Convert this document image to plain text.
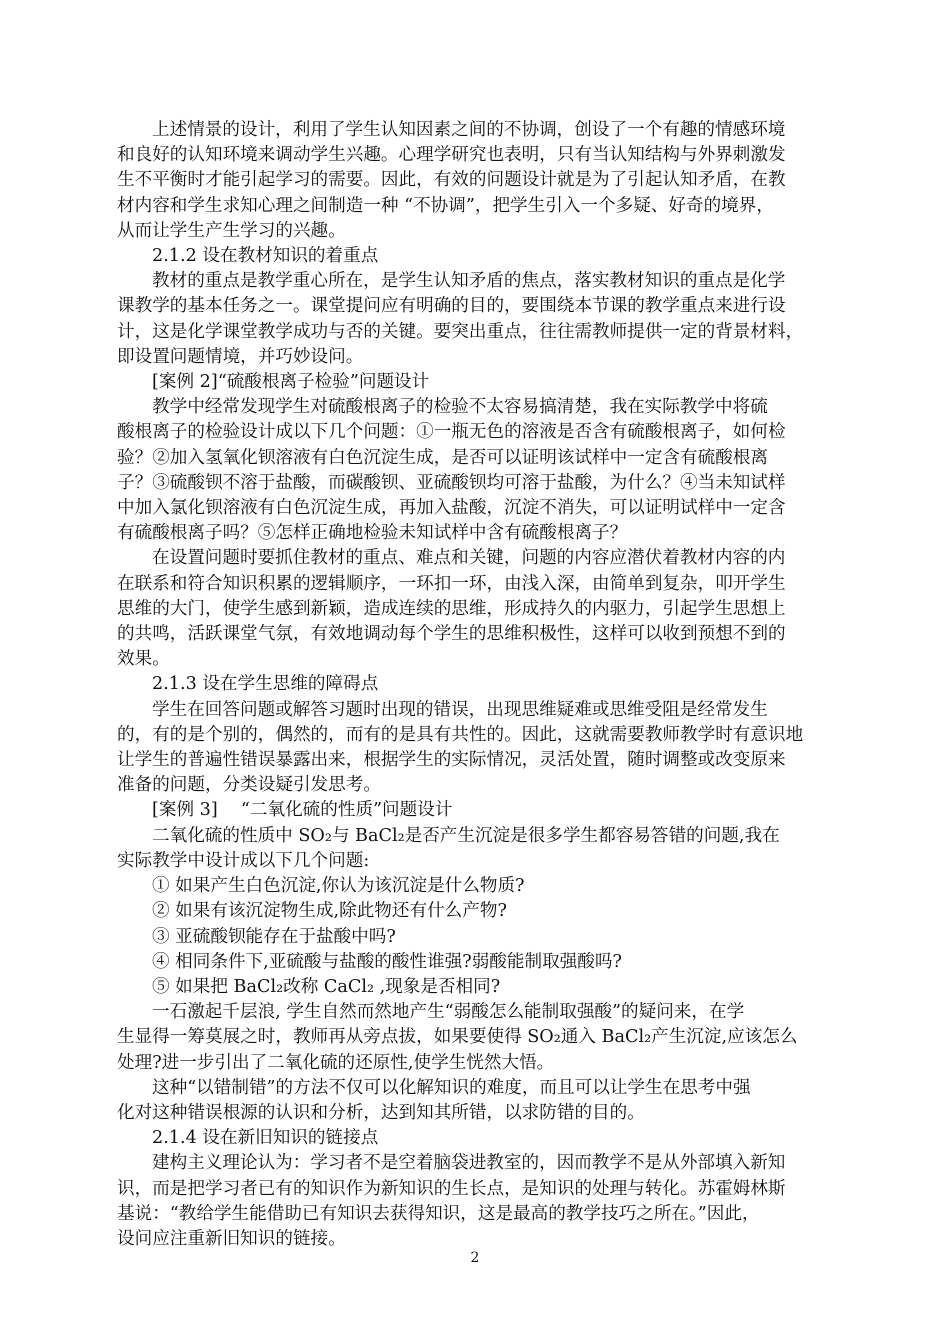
上述情景的设计，利用了学生认知因素之间的不协调，创设了一个有趣的情感环境
和良好的认知环境来调动学生兴趣。心理学研究也表明，只有当认知结构与外界刺激发
生不平衡时才能引起学习的需要。因此，有效的问题设计就是为了引起认知矛盾，在教
材内容和学生求知心理之间制造一种 “不协调”，把学生引入一个多疑、好奇的境界，
从而让学生产生学习的兴趣。

2.1.2 设在教材知识的着重点

教材的重点是教学重心所在，是学生认知矛盾的焦点，落实教材知识的重点是化学
课教学的基本任务之一。课堂提问应有明确的目的，要围绕本节课的教学重点来进行设
计，这是化学课堂教学成功与否的关键。要突出重点，往往需教师提供一定的背景材料，
即设置问题情境，并巧妙设问。

[案例 2]“硫酸根离子检验”问题设计

教学中经常发现学生对硫酸根离子的检验不太容易搞清楚，我在实际教学中将硫
酸根离子的检验设计成以下几个问题：①一瓶无色的溶液是否含有硫酸根离子，如何检
验？②加入氢氧化钡溶液有白色沉淀生成，是否可以证明该试样中一定含有硫酸根离
子？③硫酸钡不溶于盐酸，而碳酸钡、亚硫酸钡均可溶于盐酸，为什么？④当未知试样
中加入氯化钡溶液有白色沉淀生成，再加入盐酸，沉淀不消失，可以证明试样中一定含
有硫酸根离子吗？⑤怎样正确地检验未知试样中含有硫酸根离子？

在设置问题时要抓住教材的重点、难点和关键，问题的内容应潜伏着教材内容的内
在联系和符合知识积累的逻辑顺序，一环扣一环，由浅入深，由简单到复杂，叩开学生
思维的大门，使学生感到新颖，造成连续的思维，形成持久的内驱力，引起学生思想上
的共鸣，活跃课堂气氛，有效地调动每个学生的思维积极性，这样可以收到预想不到的
效果。

2.1.3 设在学生思维的障碍点

学生在回答问题或解答习题时出现的错误，出现思维疑难或思维受阻是经常发生
的，有的是个别的，偶然的，而有的是具有共性的。因此，这就需要教师教学时有意识地
让学生的普遍性错误暴露出来，根据学生的实际情况，灵活处置，随时调整或改变原来
准备的问题，分类设疑引发思考。

[案例 3]　 “二氧化硫的性质”问题设计

二氧化硫的性质中 SO₂与 BaCl₂是否产生沉淀是很多学生都容易答错的问题,我在
实际教学中设计成以下几个问题:

① 如果产生白色沉淀,你认为该沉淀是什么物质?

② 如果有该沉淀物生成,除此物还有什么产物?

③ 亚硫酸钡能存在于盐酸中吗?

④ 相同条件下,亚硫酸与盐酸的酸性谁强?弱酸能制取强酸吗?

⑤ 如果把 BaCl₂改称 CaCl₂ ,现象是否相同?

一石激起千层浪, 学生自然而然地产生“弱酸怎么能制取强酸”的疑问来，在学
生显得一筹莫展之时，教师再从旁点拔，如果要使得 SO₂通入 BaCl₂产生沉淀,应该怎么
处理?进一步引出了二氧化硫的还原性,使学生恍然大悟。

这种“以错制错”的方法不仅可以化解知识的难度，而且可以让学生在思考中强
化对这种错误根源的认识和分析，达到知其所错，以求防错的目的。

2.1.4 设在新旧知识的链接点

建构主义理论认为：学习者不是空着脑袋进教室的，因而教学不是从外部填入新知
识，而是把学习者已有的知识作为新知识的生长点，是知识的处理与转化。苏霍姆林斯
基说：“教给学生能借助已有知识去获得知识，这是最高的教学技巧之所在。”因此，
设问应注重新旧知识的链接。

2
